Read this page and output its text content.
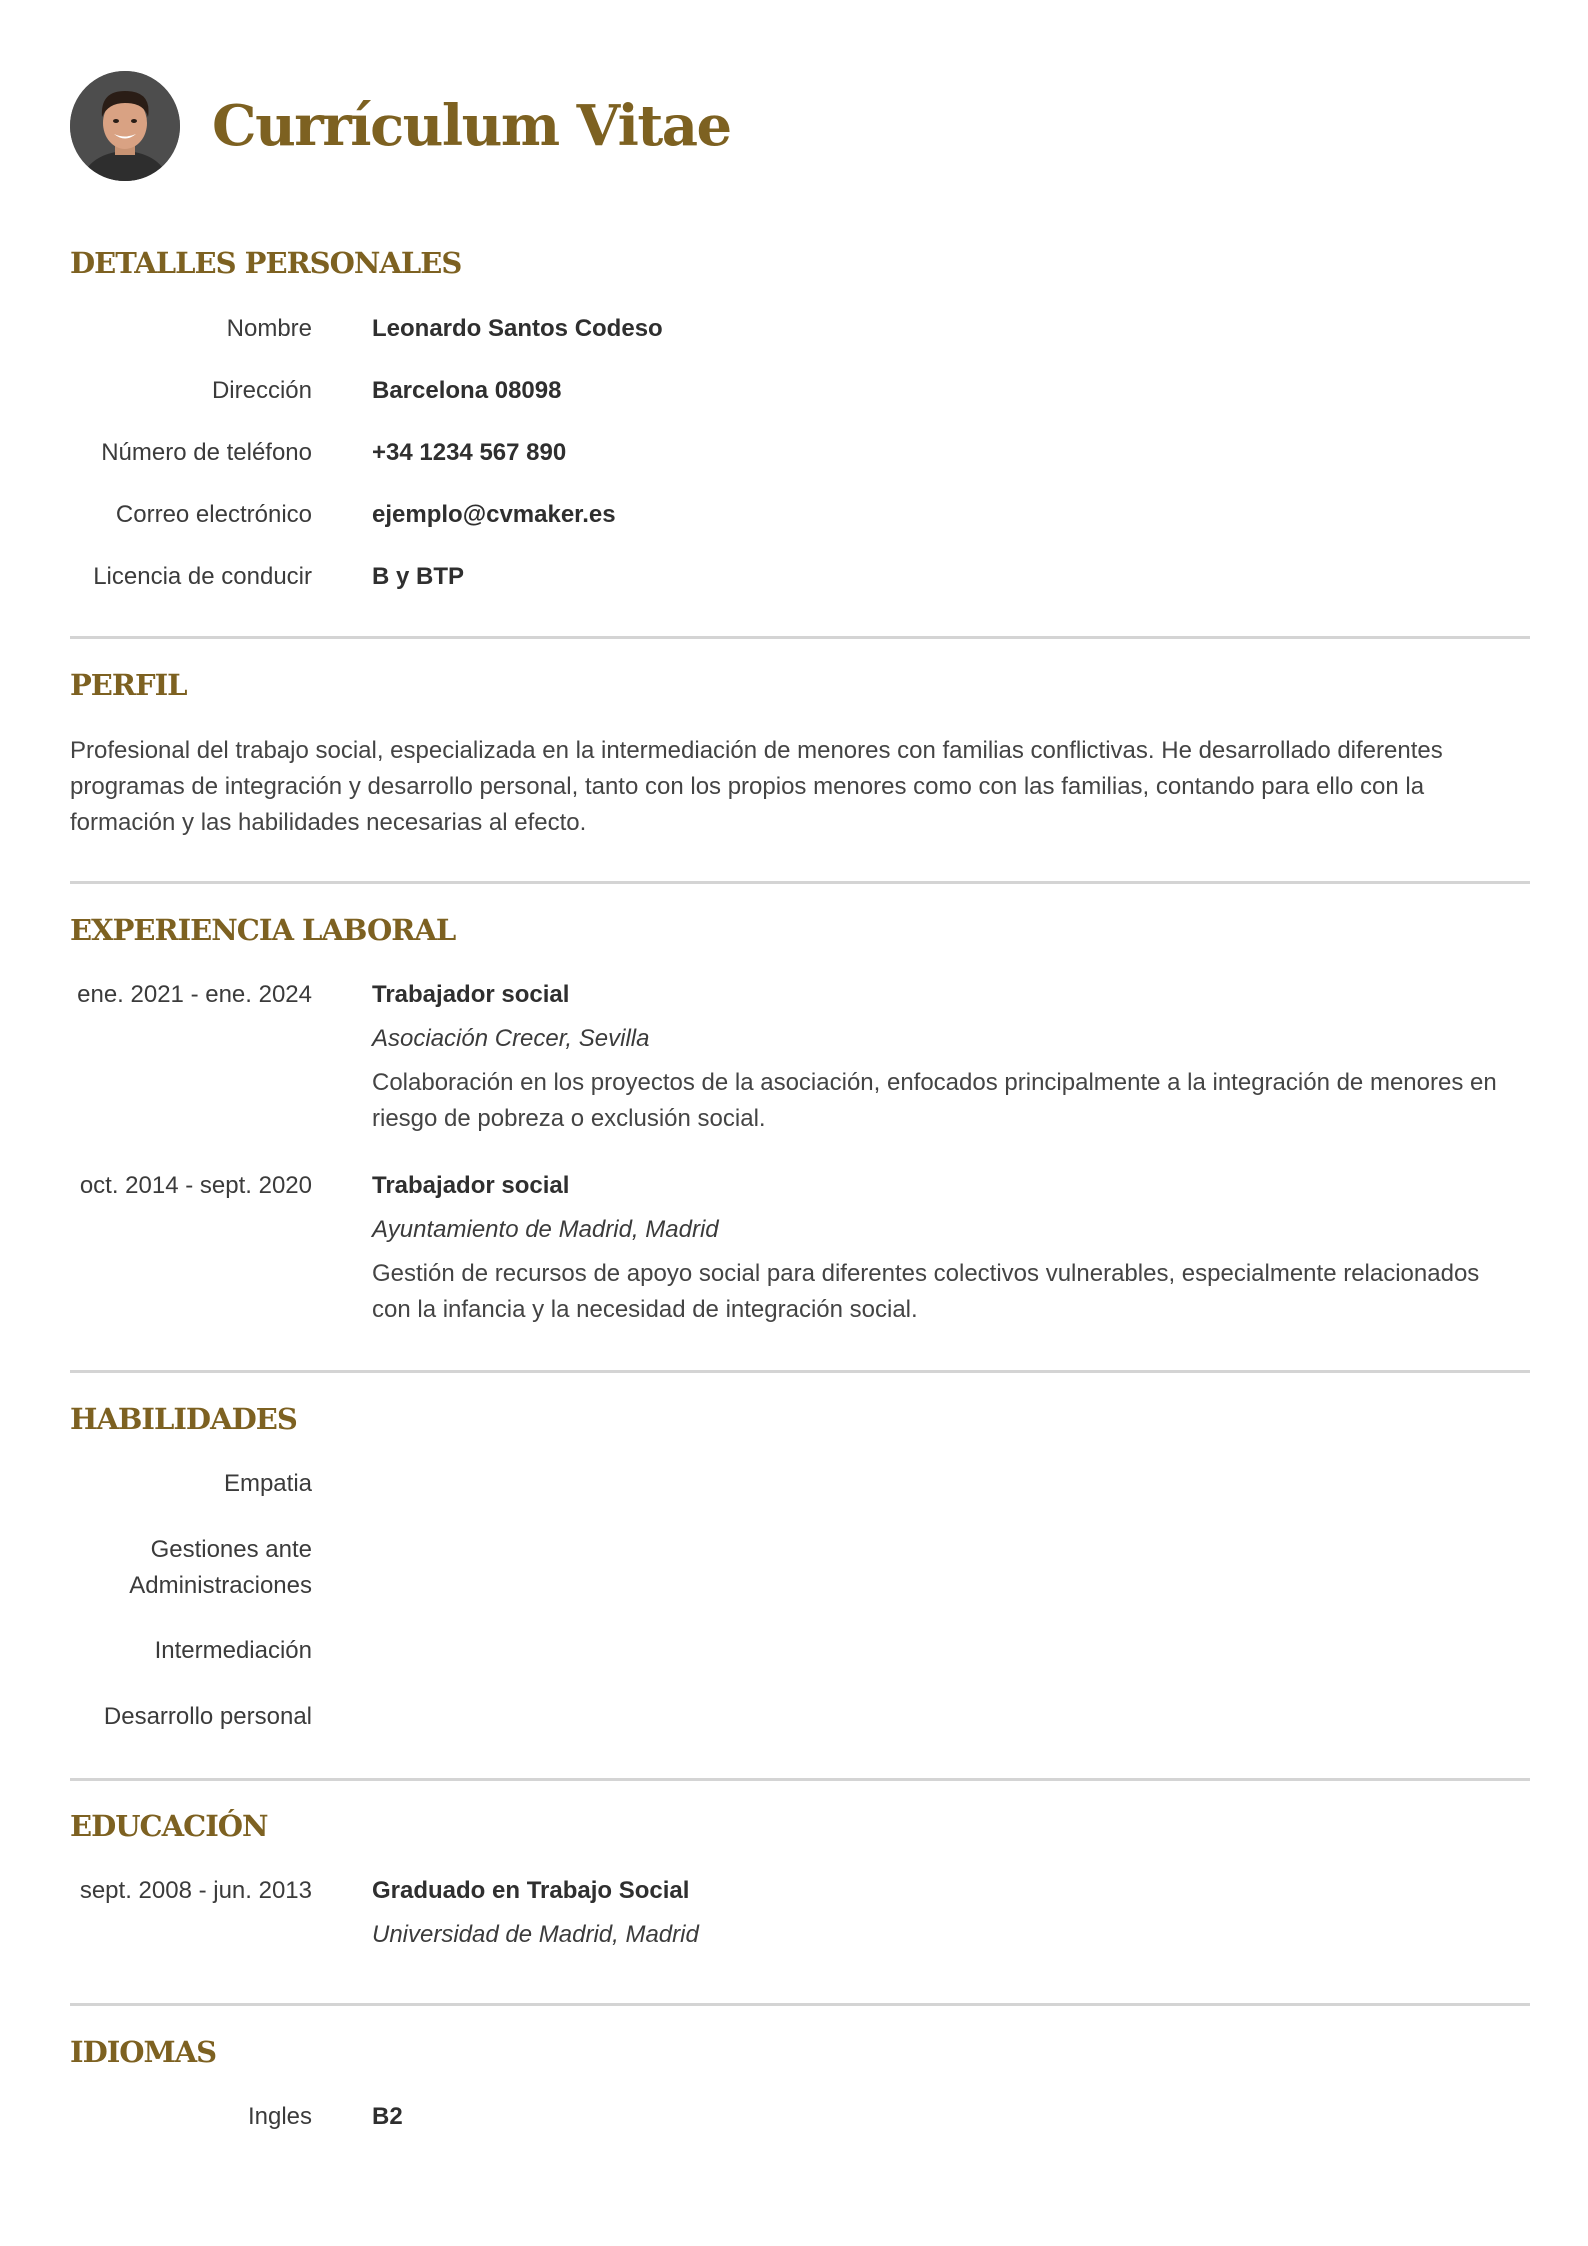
Currículum Vitae
DETALLES PERSONALES
Nombre	Leonardo Santos Codeso
Dirección	Barcelona 08098
Número de teléfono	+34 1234 567 890
Correo electrónico	ejemplo@cvmaker.es
Licencia de conducir	B y BTP
PERFIL

Profesional del trabajo social, especializada en la intermediación de menores con familias conflictivas. He desarrollado diferentes

programas de integración y desarrollo personal, tanto con los propios menores como con las familias, contando para ello con la

formación y las habilidades necesarias al efecto.

EXPERIENCIA LABORAL
ene. 2021 - ene. 2024	Trabajador social
Asociación Crecer, Sevilla
Colaboración en los proyectos de la asociación, enfocados principalmente a la integración de menores en
riesgo de pobreza o exclusión social.
oct. 2014 - sept. 2020	Trabajador social
Ayuntamiento de Madrid, Madrid
Gestión de recursos de apoyo social para diferentes colectivos vulnerables, especialmente relacionados
con la infancia y la necesidad de integración social.
HABILIDADES
Empatia
Gestiones ante
Administraciones
Intermediación
Desarrollo personal
EDUCACIÓN
sept. 2008 - jun. 2013	Graduado en Trabajo Social
Universidad de Madrid, Madrid
IDIOMAS
Ingles	B2
